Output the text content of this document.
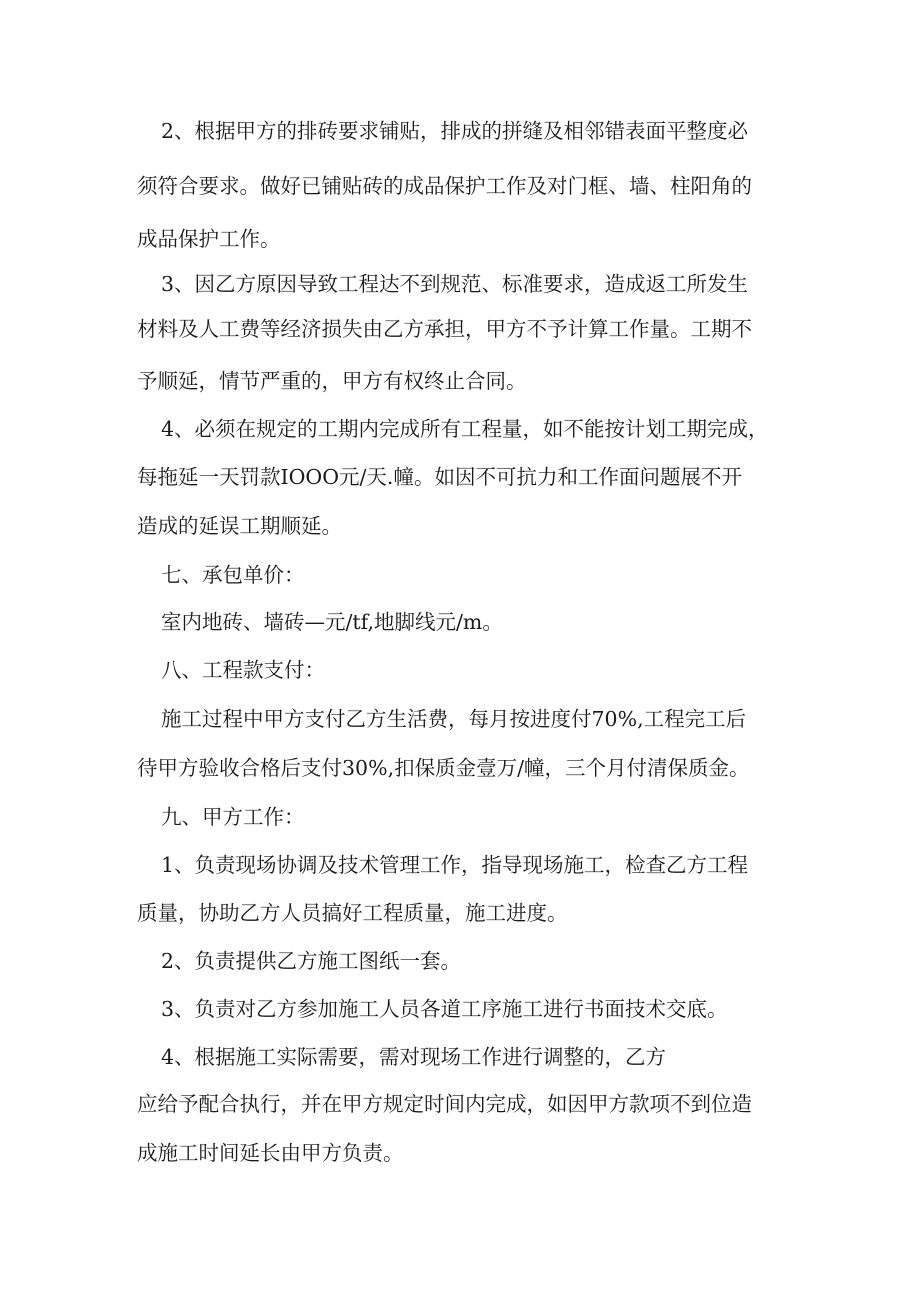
2、根据甲方的排砖要求铺贴，排成的拼缝及相邻错表面平整度必
须符合要求。做好已铺贴砖的成品保护工作及对门框、墙、柱阳角的
成品保护工作。
3、因乙方原因导致工程达不到规范、标准要求，造成返工所发生
材料及人工费等经济损失由乙方承担，甲方不予计算工作量。工期不
予顺延，情节严重的，甲方有权终止合同。
4、必须在规定的工期内完成所有工程量，如不能按计划工期完成，
每拖延一天罚款IOOO元/天.幢。如因不可抗力和工作面问题展不开
造成的延误工期顺延。
七、承包单价：
室内地砖、墙砖—元/tf,地脚线元/m。
八、工程款支付：
施工过程中甲方支付乙方生活费，每月按进度付70%,工程完工后
待甲方验收合格后支付30%,扣保质金壹万/幢，三个月付清保质金。
九、甲方工作：
1、负责现场协调及技术管理工作，指导现场施工，检查乙方工程
质量，协助乙方人员搞好工程质量，施工进度。
2、负责提供乙方施工图纸一套。
3、负责对乙方参加施工人员各道工序施工进行书面技术交底。
4、根据施工实际需要，需对现场工作进行调整的，乙方
应给予配合执行，并在甲方规定时间内完成，如因甲方款项不到位造
成施工时间延长由甲方负责。
